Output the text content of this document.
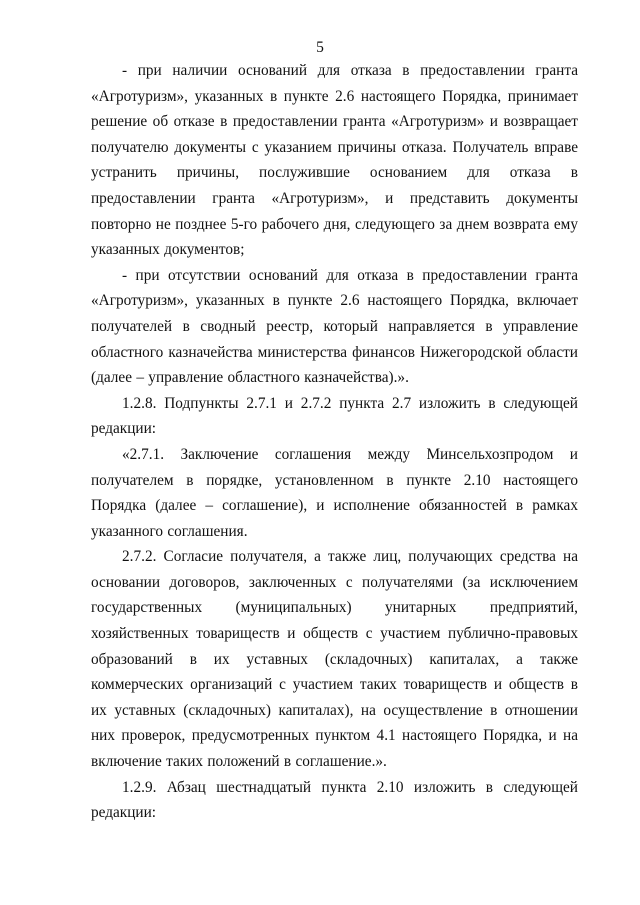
5

- при наличии оснований для отказа в предоставлении гранта «Агротуризм», указанных в пункте 2.6 настоящего Порядка, принимает решение об отказе в предоставлении гранта «Агротуризм» и возвращает получателю документы с указанием причины отказа. Получатель вправе устранить причины, послужившие основанием для отказа в предоставлении гранта «Агротуризм», и представить документы повторно не позднее 5-го рабочего дня, следующего за днем возврата ему указанных документов;

- при отсутствии оснований для отказа в предоставлении гранта «Агротуризм», указанных в пункте 2.6 настоящего Порядка, включает получателей в сводный реестр, который направляется в управление областного казначейства министерства финансов Нижегородской области (далее – управление областного казначейства).».

1.2.8. Подпункты 2.7.1 и 2.7.2 пункта 2.7 изложить в следующей редакции:

«2.7.1. Заключение соглашения между Минсельхозпродом и получателем в порядке, установленном в пункте 2.10 настоящего Порядка (далее – соглашение), и исполнение обязанностей в рамках указанного соглашения.

2.7.2. Согласие получателя, а также лиц, получающих средства на основании договоров, заключенных с получателями (за исключением государственных (муниципальных) унитарных предприятий, хозяйственных товариществ и обществ с участием публично-правовых образований в их уставных (складочных) капиталах, а также коммерческих организаций с участием таких товариществ и обществ в их уставных (складочных) капиталах), на осуществление в отношении них проверок, предусмотренных пунктом 4.1 настоящего Порядка, и на включение таких положений в соглашение.».

1.2.9. Абзац шестнадцатый пункта 2.10 изложить в следующей редакции:
